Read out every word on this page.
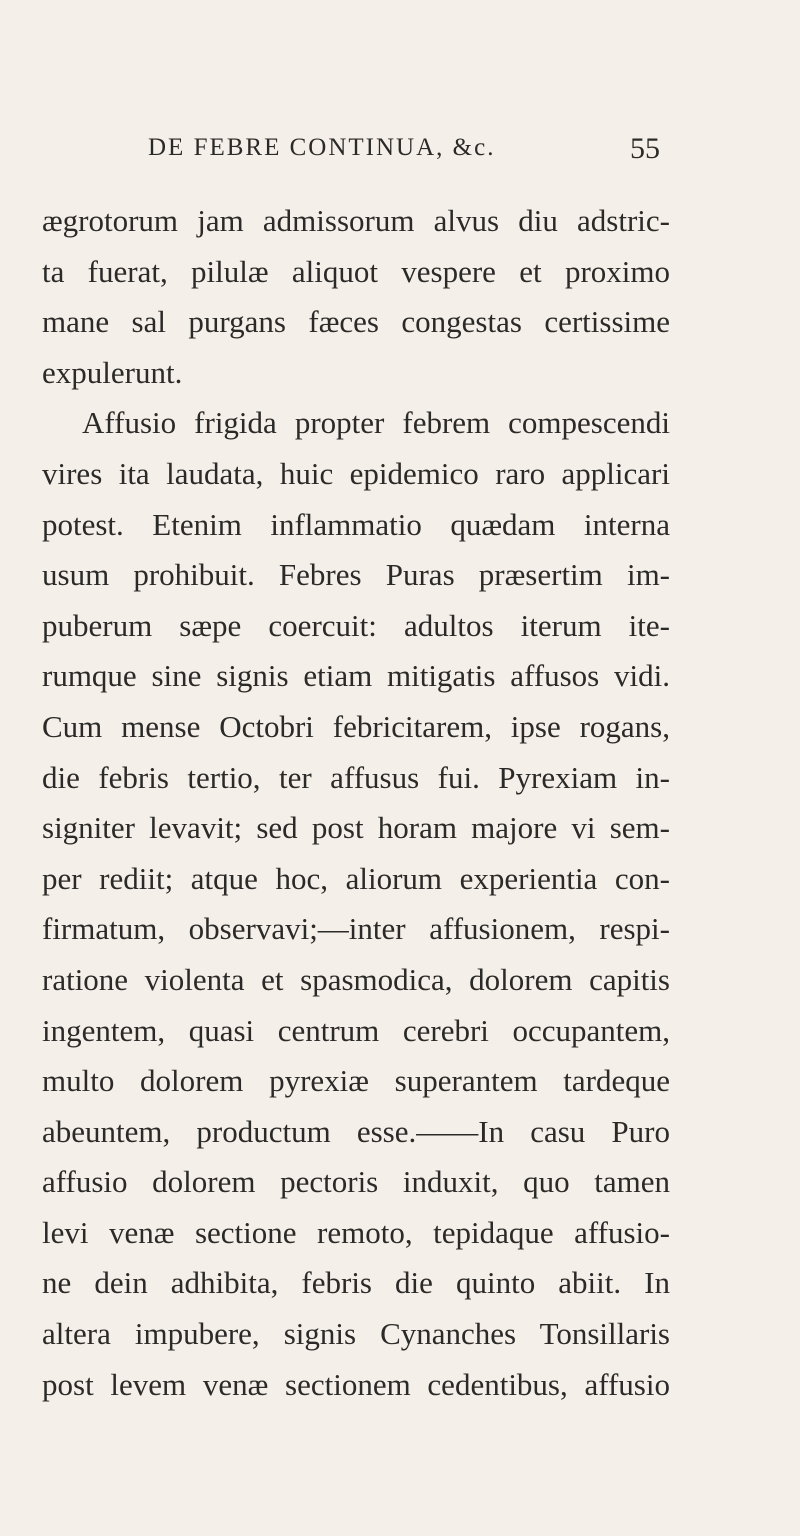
DE FEBRE CONTINUA, &c.	55
ægrotorum jam admissorum alvus diu adstric-
ta fuerat, pilulæ aliquot vespere et proximo
mane sal purgans fæces congestas certissime
expulerunt.
Affusio frigida propter febrem compescendi
vires ita laudata, huic epidemico raro applicari
potest. Etenim inflammatio quædam interna
usum prohibuit. Febres Puras præsertim im-
puberum sæpe coercuit: adultos iterum ite-
rumque sine signis etiam mitigatis affusos vidi.
Cum mense Octobri febricitarem, ipse rogans,
die febris tertio, ter affusus fui. Pyrexiam in-
signiter levavit; sed post horam majore vi sem-
per rediit; atque hoc, aliorum experientia con-
firmatum, observavi;—inter affusionem, respi-
ratione violenta et spasmodica, dolorem capitis
ingentem, quasi centrum cerebri occupantem,
multo dolorem pyrexiæ superantem tardeque
abeuntem, productum esse.——In casu Puro
affusio dolorem pectoris induxit, quo tamen
levi venæ sectione remoto, tepidaque affusio-
ne dein adhibita, febris die quinto abiit. In
altera impubere, signis Cynanches Tonsillaris
post levem venæ sectionem cedentibus, affusio
